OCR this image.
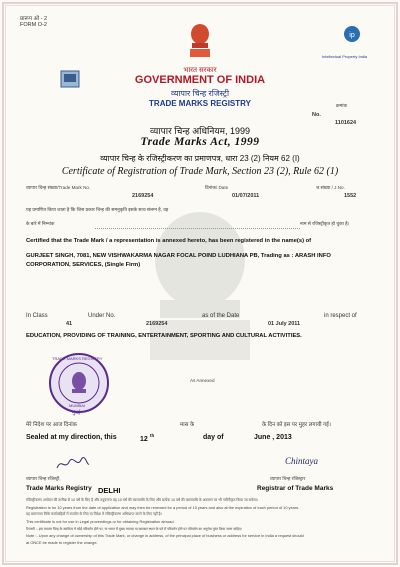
प्रारूप ओ - 2
FORM O-2
ip
Intellectual Property India
भारत सरकार
GOVERNMENT OF INDIA
व्यापार चिन्ह रजिस्ट्री
TRADE MARKS REGISTRY	क्रमांक
No.
1101624
व्यापार चिन्ह अधिनियम, 1999
Trade Marks Act, 1999
व्यापार चिन्ह के रजिस्ट्रीकरण का प्रमाणपत्र, धारा 23 (2) नियम 62 (I)
Certificate of Registration of Trade Mark, Section 23 (2), Rule 62 (1)
व्यापार चिन्ह संख्या/Trade Mark No.
2169254
दिनांक/ Date
01/07/2011
ज.संख्या / J.No.
1552
यह प्रमाणित किया जाता है कि जिस प्रकार चिन्ह की समनुकृति इसके साथ संलग्न है, वह
के बारे में निम्नांक	नाम से रजिस्ट्रीकृत हो चुका है।
Certified that the Trade Mark / a representation is annexed hereto, has been registered in the name(s) of
GURJEET SINGH, 7081, NEW VISHWAKARMA NAGAR FOCAL POIND LUDHIANA PB, Trading as : ARASH INFO
CORPORATION, SERVICES, (Single Firm)
In Class
41
Under No.
2169254
as of the Date
01 July 2011
in respect of
EDUCATION, PROVIDING OF TRAINING, ENTERTAINMENT, SPORTING AND CULTURAL ACTIVITIES.
As Annexed
TRADE MARKS REGISTRY
MUMBAI
मुंबई
मेरे निदेश पर आज दिनांक	मास के	के दिन को इस पर मुहर लगायी गई।
Sealed at my direction, this	12
th	day of	June , 2013
Chintaya
व्यापार चिन्ह रजिस्ट्री,
Trade Marks Registry DELHI
व्यापार चिन्ह रजिस्ट्रार
Registrar of Trade Marks
रजिस्ट्रीकरण आवेदन की तारीख से 10 वर्ष के लिए है और तदुपरान्त यह 10 वर्ष की कालावधि के लिए और प्रत्येक 10 वर्ष की कालावधि के अवसान पर भी नवीनीकृत किया जा सकेगा।
Registration is for 10 years from the date of application and may then be renewed for a period of 10 years and also at the expiration of each period of 10 years.
यह प्रमाणपत्र विधि कार्यवाहियों में उपयोग के लिए या विदेश में रजिस्ट्रीकरण अभिप्राप्त करने के लिए नहीं है।
This certificate is not for use in Legal proceedings or for obtaining Registration abroad.
टिप्पणी :- इस व्यापार चिन्ह के स्वामित्व में कोई परिवर्तन होने पर, या भारत में मुख्य व्यापार या कारबार स्थान के पते में परिवर्तन होने पर परिवर्तन का अनुरोध तुरंत किया जाना चाहिए।
Note :- Upon any change of ownership of this Trade Mark, or change in address, of the principal place of business or address for service in India a request should
at ONCE be made to register the change.
